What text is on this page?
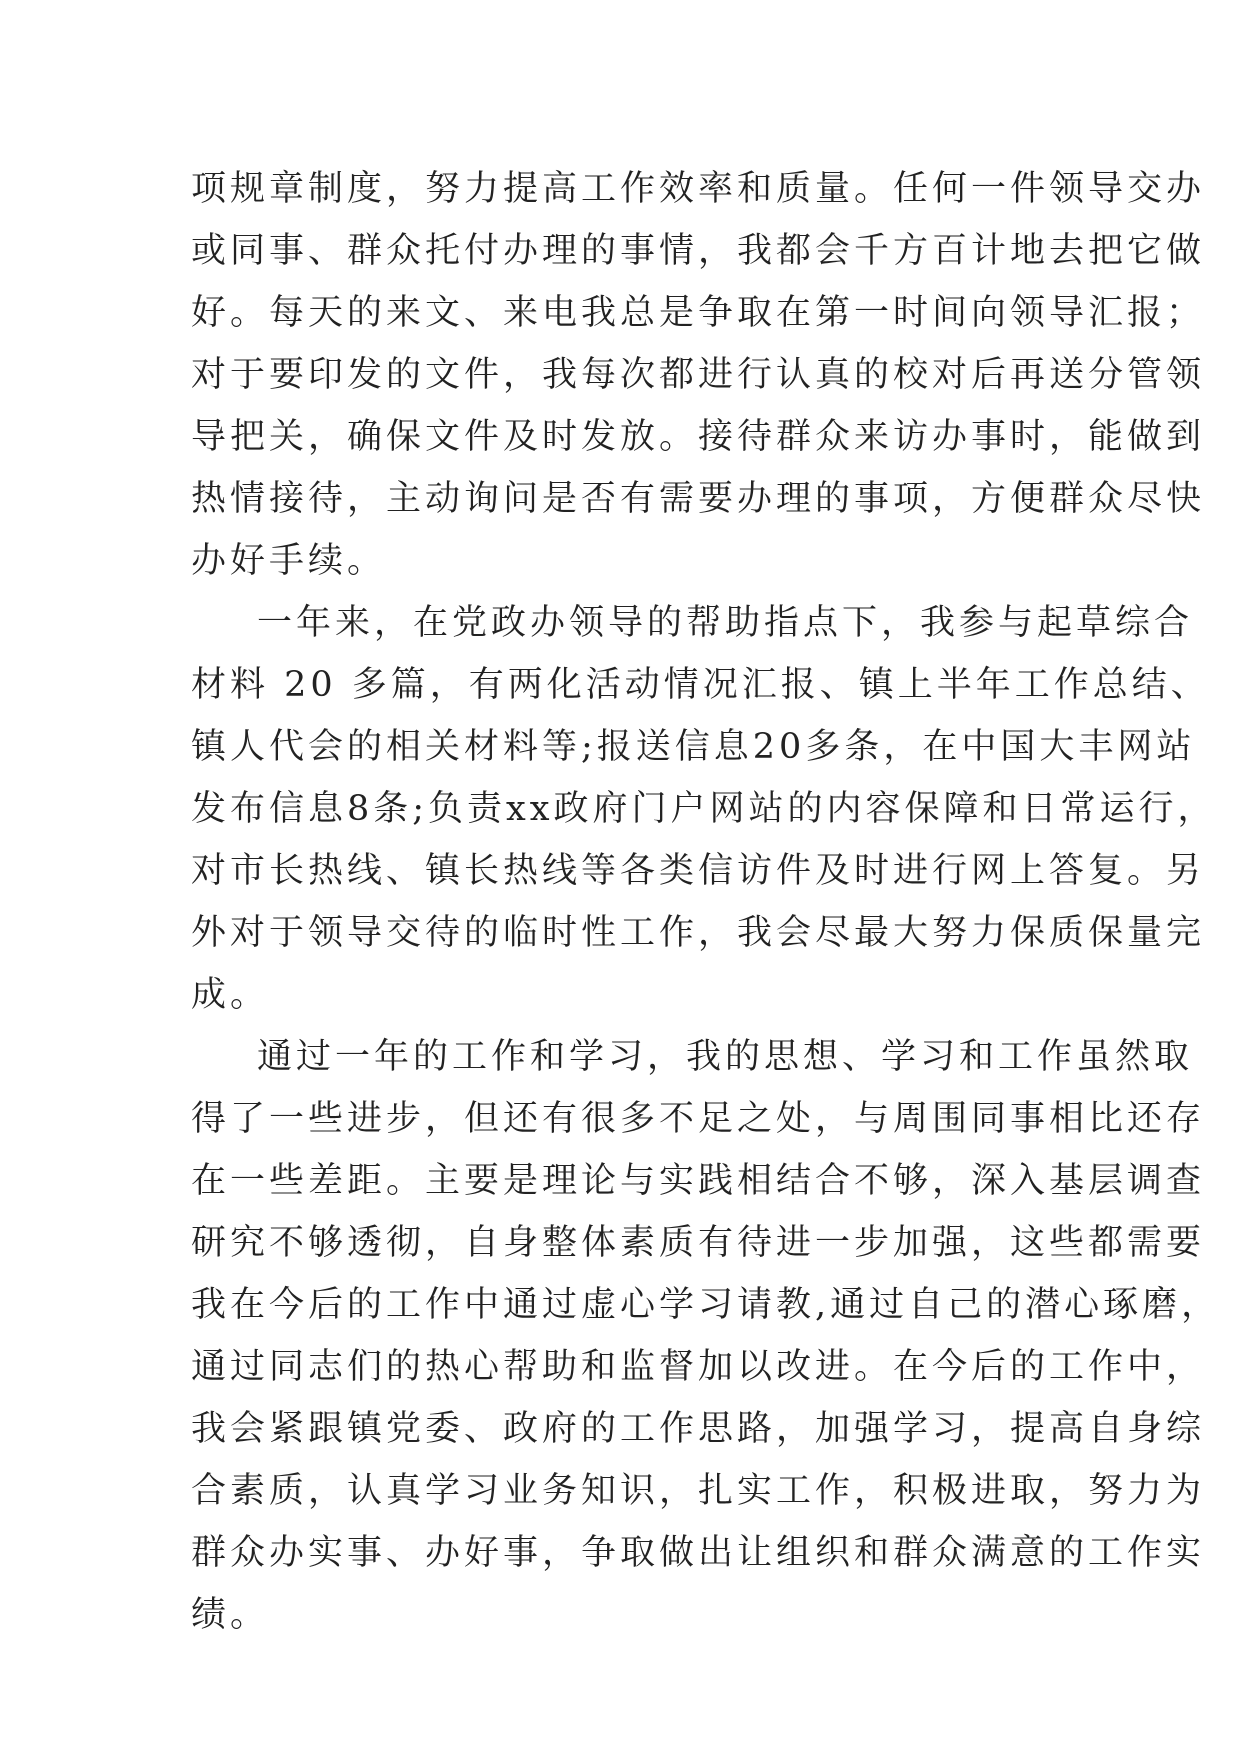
项规章制度，努力提高工作效率和质量。任何一件领导交办
或同事、群众托付办理的事情，我都会千方百计地去把它做
好。每天的来文、来电我总是争取在第一时间向领导汇报；
对于要印发的文件，我每次都进行认真的校对后再送分管领
导把关，确保文件及时发放。接待群众来访办事时，能做到
热情接待，主动询问是否有需要办理的事项，方便群众尽快
办好手续。
一年来，在党政办领导的帮助指点下，我参与起草综合
材料 20 多篇，有两化活动情况汇报、镇上半年工作总结、
镇人代会的相关材料等;报送信息20多条，在中国大丰网站
发布信息8条;负责xx政府门户网站的内容保障和日常运行，
对市长热线、镇长热线等各类信访件及时进行网上答复。另
外对于领导交待的临时性工作，我会尽最大努力保质保量完
成。
通过一年的工作和学习，我的思想、学习和工作虽然取
得了一些进步，但还有很多不足之处，与周围同事相比还存
在一些差距。主要是理论与实践相结合不够，深入基层调查
研究不够透彻，自身整体素质有待进一步加强，这些都需要
我在今后的工作中通过虚心学习请教,通过自己的潜心琢磨，
通过同志们的热心帮助和监督加以改进。在今后的工作中，
我会紧跟镇党委、政府的工作思路，加强学习，提高自身综
合素质，认真学习业务知识，扎实工作，积极进取，努力为
群众办实事、办好事，争取做出让组织和群众满意的工作实
绩。
